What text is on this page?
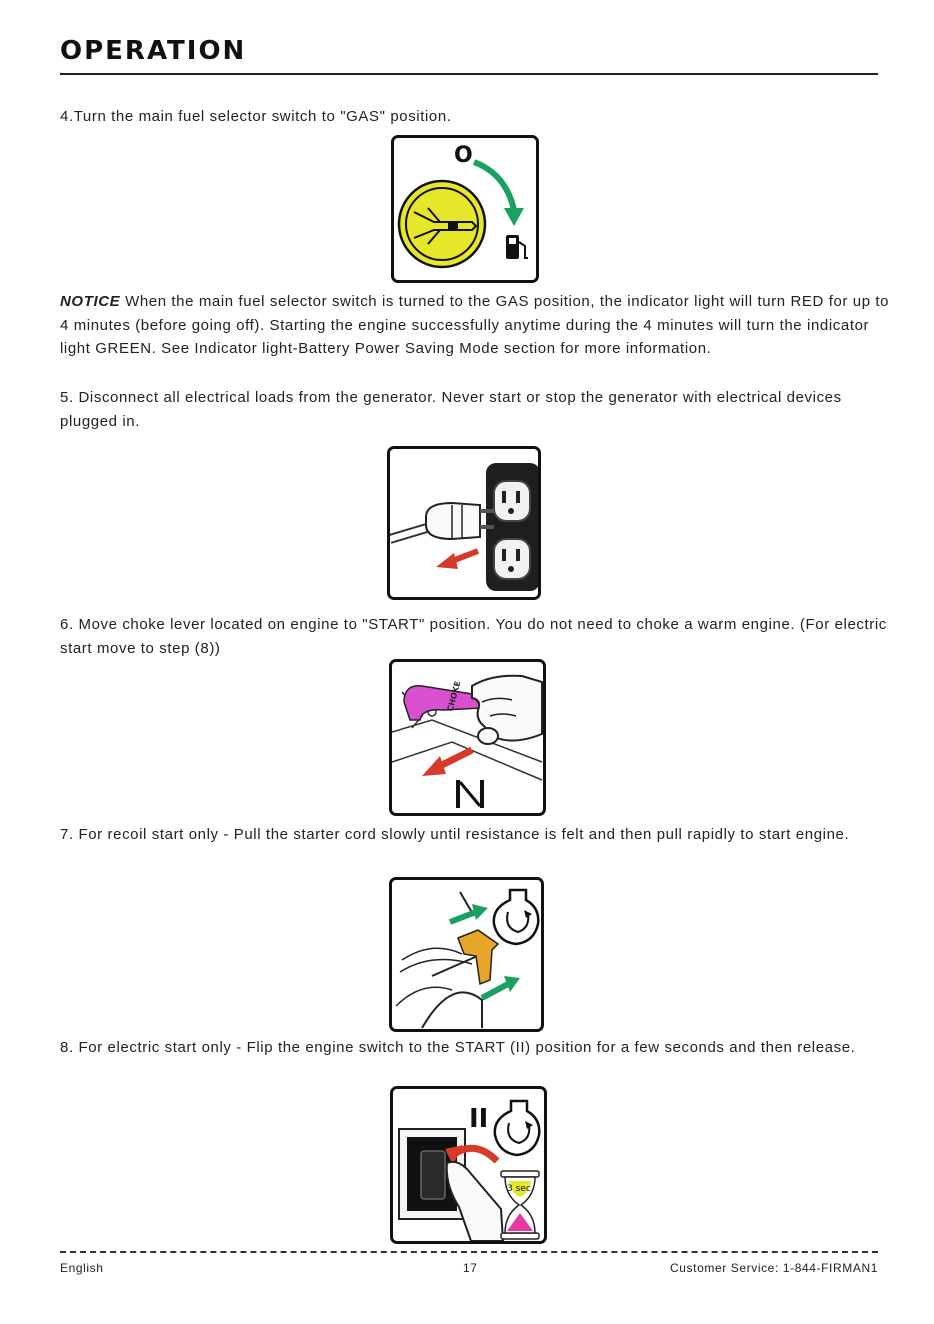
OPERATION

4.Turn the main fuel selector switch to "GAS" position.

O

NOTICE When the main fuel selector switch is turned to the GAS position, the indicator light will turn RED for up to 4 minutes (before going off). Starting the engine successfully anytime during the 4 minutes will turn the indicator light GREEN. See Indicator light-Battery Power Saving Mode section for more information.

5. Disconnect all electrical loads from the generator. Never start or stop the generator with electrical devices plugged in.

6. Move choke lever located on engine to "START" position. You do not need to choke a warm engine. (For electric start move to step (8))

CHOKE

7. For recoil start only - Pull the starter cord slowly until resistance is felt and then pull rapidly to start engine.

8. For electric start only - Flip the engine switch to the START (II) position for a few seconds and then release.

II
3 sec
English	17	Customer Service: 1-844-FIRMAN1
